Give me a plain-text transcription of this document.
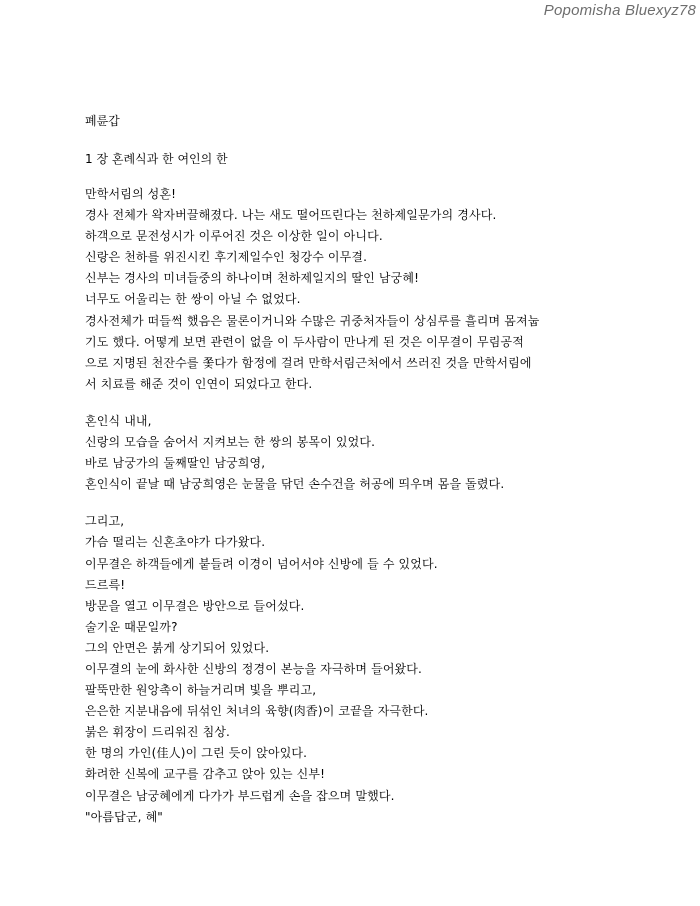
Popomisha Bluexyz78
폐륜갑
1 장 혼례식과 한 여인의 한
만학서림의 성혼!
경사 전체가 왁자버끌해졌다. 나는 새도 떨어뜨린다는 천하제일문가의 경사다.
하객으로 문전성시가 이루어진 것은 이상한 일이 아니다.
신랑은 천하를 위진시킨 후기제일수인 청강수 이무결.
신부는 경사의 미녀들중의 하나이며 천하제일지의 딸인 남궁혜!
너무도 어울리는 한 쌍이 아닐 수 없었다.
경사전체가 떠들썩 했음은 물론이거니와 수많은 귀중처자들이 상심루를 흘리며 몸져눕
기도 했다. 어떻게 보면 관련이 없을 이 두사람이 만나게 된 것은 이무결이 무림공적
으로 지명된 천잔수를 쫓다가 함정에 걸려 만학서림근처에서 쓰러진 것을 만학서림에
서 치료를 해준 것이 인연이 되었다고 한다.
혼인식 내내,
신랑의 모습을 숨어서 지켜보는 한 쌍의 봉목이 있었다.
바로 남궁가의 둘째딸인 남궁희영,
혼인식이 끝날 때 남궁희영은 눈물을 닦던 손수건을 허공에 띄우며 몸을 돌렸다.
그리고,
가슴 떨리는 신혼초야가 다가왔다.
이무결은 하객들에게 붙들려 이경이 넘어서야 신방에 들 수 있었다.
드르륵!
방문을 열고 이무결은 방안으로 들어섰다.
술기운 때문일까?
그의 안면은 붉게 상기되어 있었다.
이무결의 눈에 화사한 신방의 정경이 본능을 자극하며 들어왔다.
팔뚝만한 원앙촉이 하늘거리며 빛을 뿌리고,
은은한 지분내음에 뒤섞인 처녀의 육향(肉香)이 코끝을 자극한다.
붉은 휘장이 드리워진 침상.
한 명의 가인(佳人)이 그린 듯이 앉아있다.
화려한 신복에 교구를 감추고 앉아 있는 신부!
이무결은 남궁혜에게 다가가 부드럽게 손을 잡으며 말했다.
"아름답군, 혜"
